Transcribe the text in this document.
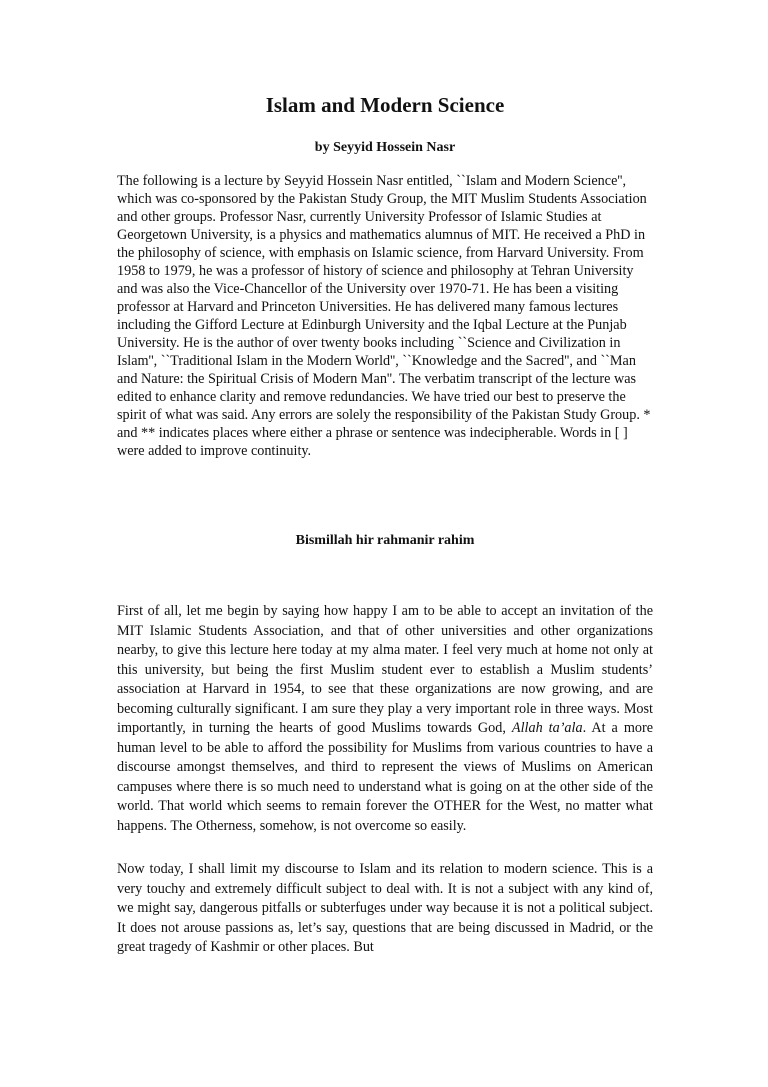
Islam and Modern Science
by Seyyid Hossein Nasr

The following is a lecture by Seyyid Hossein Nasr entitled, ``Islam and Modern Science'', which was co-sponsored by the Pakistan Study Group, the MIT Muslim Students Association and other groups. Professor Nasr, currently University Professor of Islamic Studies at Georgetown University, is a physics and mathematics alumnus of MIT. He received a PhD in the philosophy of science, with emphasis on Islamic science, from Harvard University. From 1958 to 1979, he was a professor of history of science and philosophy at Tehran University and was also the Vice-Chancellor of the University over 1970-71. He has been a visiting professor at Harvard and Princeton Universities. He has delivered many famous lectures including the Gifford Lecture at Edinburgh University and the Iqbal Lecture at the Punjab University. He is the author of over twenty books including ``Science and Civilization in Islam'', ``Traditional Islam in the Modern World'', ``Knowledge and the Sacred'', and ``Man and Nature: the Spiritual Crisis of Modern Man''. The verbatim transcript of the lecture was edited to enhance clarity and remove redundancies. We have tried our best to preserve the spirit of what was said. Any errors are solely the responsibility of the Pakistan Study Group. * and ** indicates places where either a phrase or sentence was indecipherable. Words in [ ] were added to improve continuity.

Bismillah hir rahmanir rahim

First of all, let me begin by saying how happy I am to be able to accept an invitation of the MIT Islamic Students Association, and that of other universities and other organizations nearby, to give this lecture here today at my alma mater. I feel very much at home not only at this university, but being the first Muslim student ever to establish a Muslim students’ association at Harvard in 1954, to see that these organizations are now growing, and are becoming culturally significant. I am sure they play a very important role in three ways. Most importantly, in turning the hearts of good Muslims towards God, Allah ta’ala. At a more human level to be able to afford the possibility for Muslims from various countries to have a discourse amongst themselves, and third to represent the views of Muslims on American campuses where there is so much need to understand what is going on at the other side of the world. That world which seems to remain forever the OTHER for the West, no matter what happens. The Otherness, somehow, is not overcome so easily.

Now today, I shall limit my discourse to Islam and its relation to modern science. This is a very touchy and extremely difficult subject to deal with. It is not a subject with any kind of, we might say, dangerous pitfalls or subterfuges under way because it is not a political subject. It does not arouse passions as, let’s say, questions that are being discussed in Madrid, or the great tragedy of Kashmir or other places. But
